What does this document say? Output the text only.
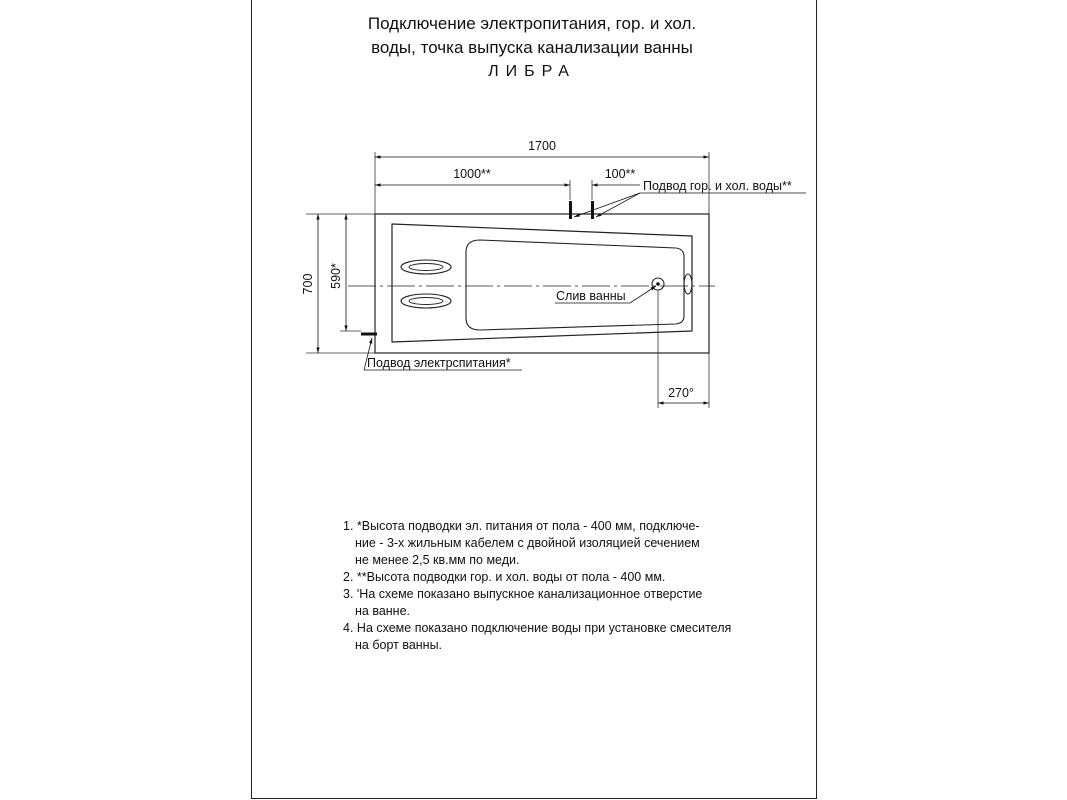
Подключение электропитания, гор. и хол.
воды, точка выпуска канализации ванны
ЛИБРА
1700
1000**	100**
700 590*
270°
Подвод гор. и хол. воды**
Слив ванны
Подвод электрспитания*
1. *Высота подводки эл. питания от пола - 400 мм, подключе-
ние - 3-х жильным кабелем с двойной изоляцией сечением
не менее 2,5 кв.мм по меди.
2. **Высота подводки гор. и хол. воды от пола - 400 мм.
3. 'На схеме показано выпускное канализационное отверстие
на ванне.
4. На схеме показано подключение воды при установке смесителя
на борт ванны.
